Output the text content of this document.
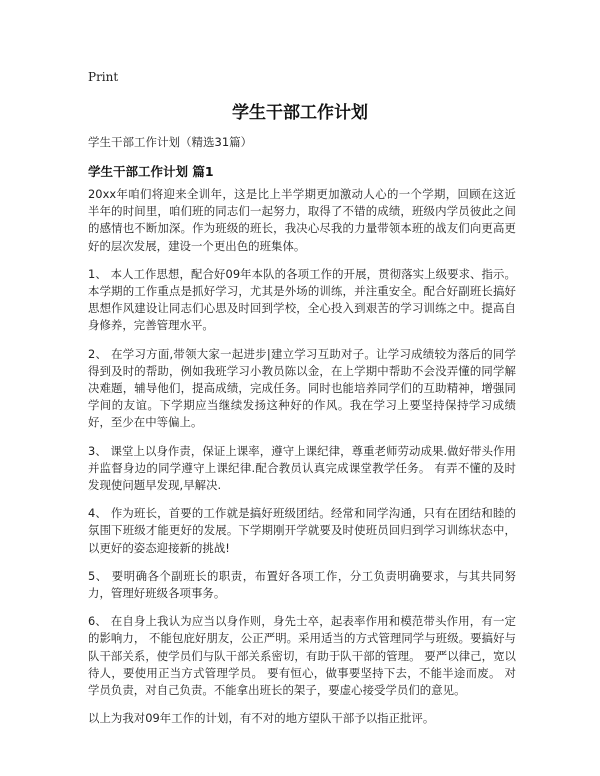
Print
学生干部工作计划
学生干部工作计划（精选31篇）
学生干部工作计划 篇1

20xx年咱们将迎来全训年，这是比上半学期更加激动人心的一个学期，回顾在这近半年的时间里，咱们班的同志们一起努力，取得了不错的成绩，班级内学员彼此之间的感情也不断加深。作为班级的班长，我决心尽我的力量带领本班的战友们向更高更好的层次发展，建设一个更出色的班集体。

1、 本人工作思想，配合好09年本队的各项工作的开展，贯彻落实上级要求、指示。本学期的工作重点是抓好学习，尤其是外场的训练，并注重安全。配合好副班长搞好思想作风建设让同志们心思及时回到学校，全心投入到艰苦的学习训练之中。提高自身修养，完善管理水平。

2、 在学习方面,带领大家一起进步|建立学习互助对子。让学习成绩较为落后的同学得到及时的帮助，例如我班学习小教员陈以金，在上学期中帮助不会没弄懂的同学解决难题，辅导他们，提高成绩，完成任务。同时也能培养同学们的互助精神，增强同学间的友谊。下学期应当继续发扬这种好的作风。我在学习上要坚持保持学习成绩好，至少在中等偏上。

3、 课堂上以身作责，保证上课率，遵守上课纪律，尊重老师劳动成果.做好带头作用并监督身边的同学遵守上课纪律.配合教员认真完成课堂教学任务。 有弄不懂的及时发现使问题早发现,早解决.

4、 作为班长，首要的工作就是搞好班级团结。经常和同学沟通，只有在团结和睦的氛围下班级才能更好的发展。下学期刚开学就要及时使班员回归到学习训练状态中，以更好的姿态迎接新的挑战!

5、 要明确各个副班长的职责，布置好各项工作，分工负责明确要求，与其共同努力，管理好班级各项事务。

6、 在自身上我认为应当以身作则，身先士卒，起表率作用和模范带头作用，有一定的影响力， 不能包庇好朋友，公正严明。采用适当的方式管理同学与班级。要搞好与队干部关系，使学员们与队干部关系密切，有助于队干部的管理。 要严以律己，宽以待人，要使用正当方式管理学员。 要有恒心，做事要坚持下去，不能半途而废。 对学员负责，对自己负责。不能拿出班长的架子，要虚心接受学员们的意见。

以上为我对09年工作的计划，有不对的地方望队干部予以指正批评。
